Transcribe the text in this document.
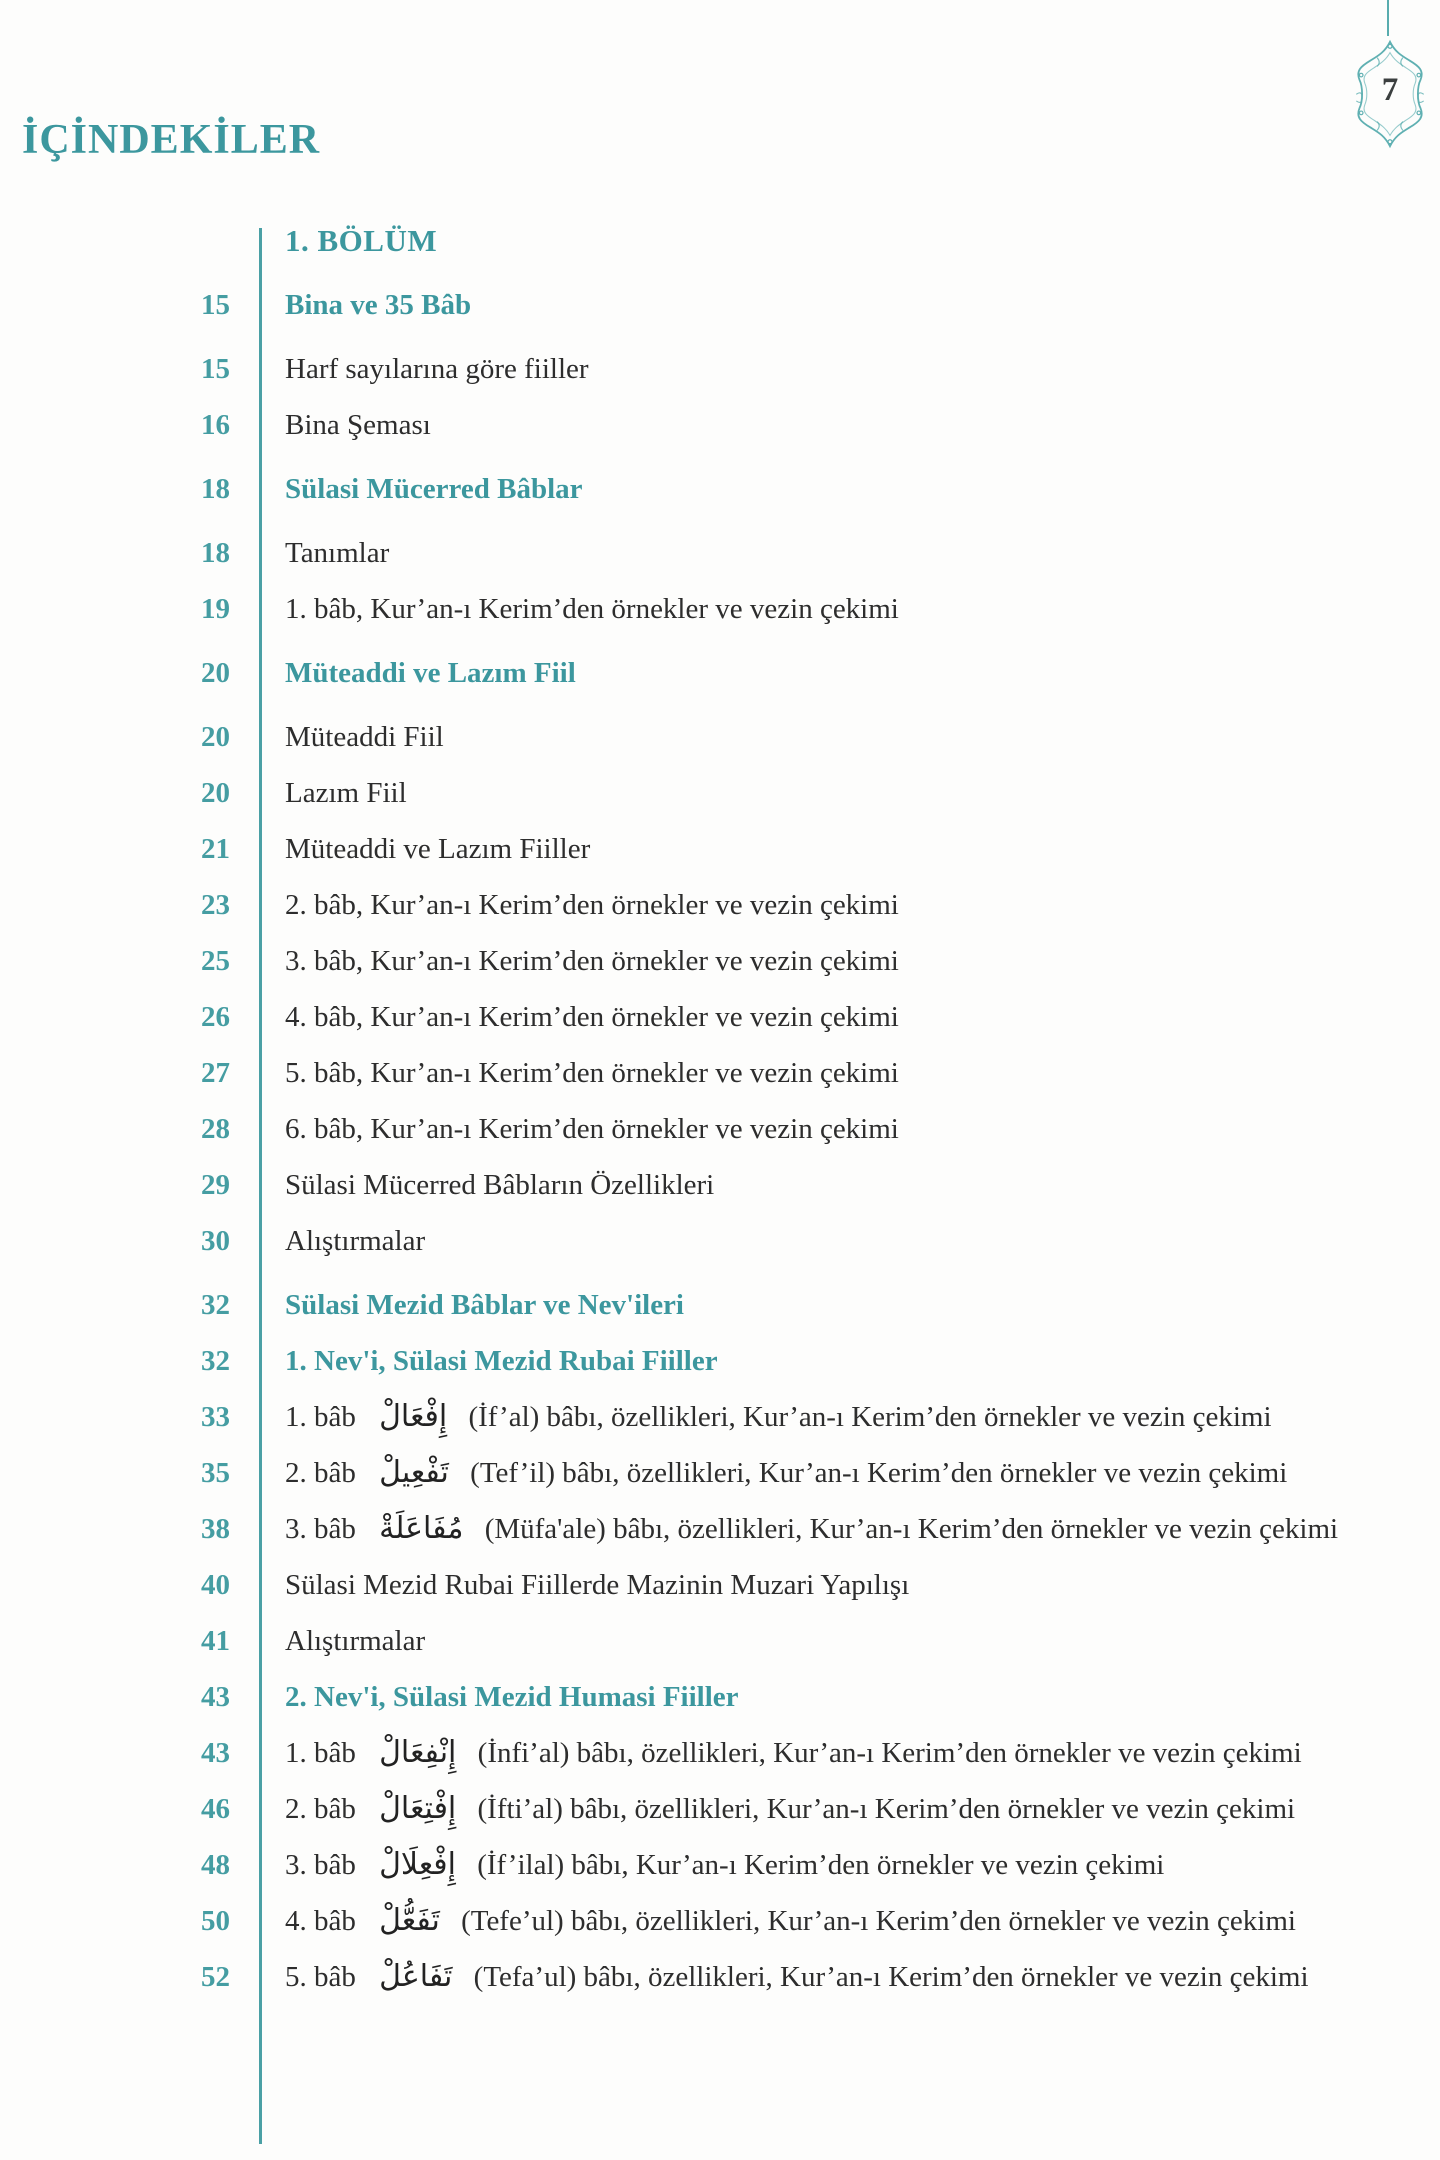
7
İÇİNDEKİLER
1. BÖLÜM
15 Bina ve 35 Bâb
15 Harf sayılarına göre fiiller
16 Bina Şeması
18 Sülasi Mücerred Bâblar
18 Tanımlar
19 1. bâb, Kur’an-ı Kerim’den örnekler ve vezin çekimi
20 Müteaddi ve Lazım Fiil
20 Müteaddi Fiil
20 Lazım Fiil
21 Müteaddi ve Lazım Fiiller
23 2. bâb, Kur’an-ı Kerim’den örnekler ve vezin çekimi
25 3. bâb, Kur’an-ı Kerim’den örnekler ve vezin çekimi
26 4. bâb, Kur’an-ı Kerim’den örnekler ve vezin çekimi
27 5. bâb, Kur’an-ı Kerim’den örnekler ve vezin çekimi
28 6. bâb, Kur’an-ı Kerim’den örnekler ve vezin çekimi
29 Sülasi Mücerred Bâbların Özellikleri
30 Alıştırmalar
32 Sülasi Mezid Bâblar ve Nev'ileri
32 1. Nev'i, Sülasi Mezid Rubai Fiiller
33 1. bâb إِفْعَالْ (İf’al) bâbı, özellikleri, Kur’an-ı Kerim’den örnekler ve vezin çekimi
35 2. bâb تَفْعِيلْ (Tef’il) bâbı, özellikleri, Kur’an-ı Kerim’den örnekler ve vezin çekimi
38 3. bâb مُفَاعَلَةْ (Müfa'ale) bâbı, özellikleri, Kur’an-ı Kerim’den örnekler ve vezin çekimi
40 Sülasi Mezid Rubai Fiillerde Mazinin Muzari Yapılışı
41 Alıştırmalar
43 2. Nev'i, Sülasi Mezid Humasi Fiiller
43 1. bâb إِنْفِعَالْ (İnfi’al) bâbı, özellikleri, Kur’an-ı Kerim’den örnekler ve vezin çekimi
46 2. bâb إِفْتِعَالْ (İfti’al) bâbı, özellikleri, Kur’an-ı Kerim’den örnekler ve vezin çekimi
48 3. bâb إِفْعِلَالْ (İf’ilal) bâbı, Kur’an-ı Kerim’den örnekler ve vezin çekimi
50 4. bâb تَفَعُّلْ (Tefe’ul) bâbı, özellikleri, Kur’an-ı Kerim’den örnekler ve vezin çekimi
52 5. bâb تَفَاعُلْ (Tefa’ul) bâbı, özellikleri, Kur’an-ı Kerim’den örnekler ve vezin çekimi
